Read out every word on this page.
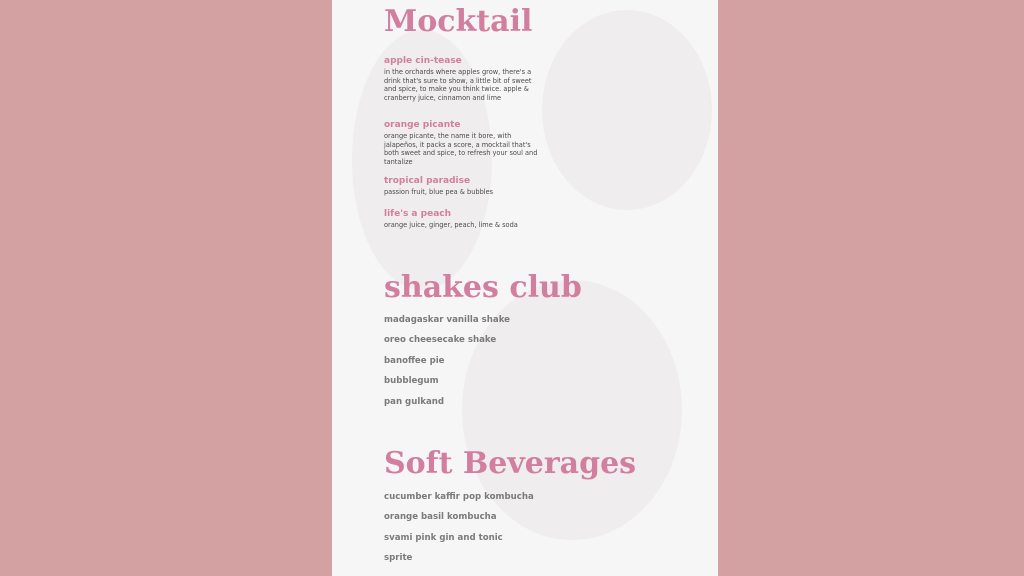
Mocktail

apple cin-tease

in the orchards where apples grow, there's a drink that's sure to show, a little bit of sweet and spice, to make you think twice. apple & cranberry juice, cinnamon and lime

orange picante

orange picante, the name it bore, with jalapeños, it packs a score, a mocktail that's both sweet and spice, to refresh your soul and tantalize

tropical paradise

passion fruit, blue pea & bubbles

life's a peach

orange juice, ginger, peach, lime & soda

shakes club

madagaskar vanilla shake

oreo cheesecake shake

banoffee pie

bubblegum

pan gulkand

Soft Beverages

cucumber kaffir pop kombucha

orange basil kombucha

svami pink gin and tonic

sprite
